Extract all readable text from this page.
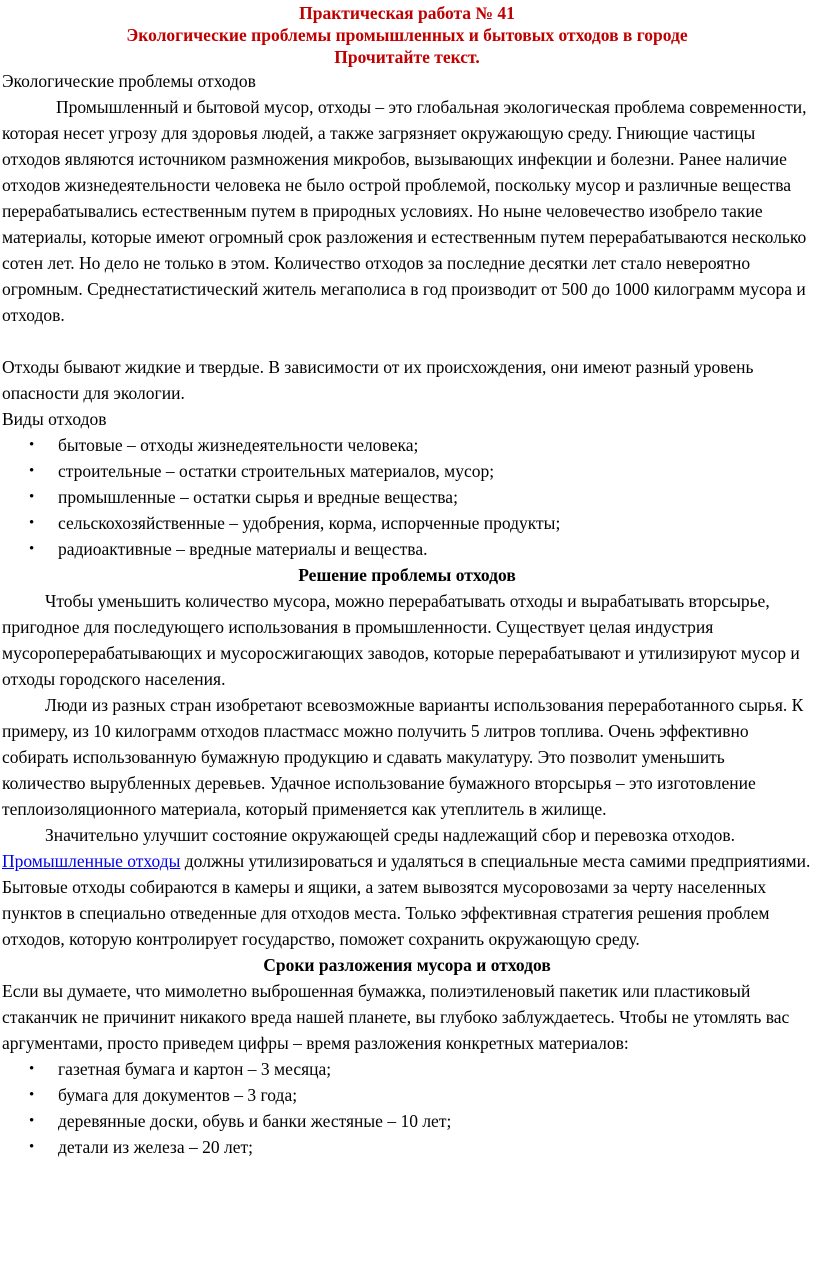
Практическая работа № 41
Экологические проблемы промышленных и бытовых отходов в городе
Прочитайте текст.

Экологические проблемы отходов

Промышленный и бытовой мусор, отходы – это глобальная экологическая проблема современности, которая несет угрозу для здоровья людей, а также загрязняет окружающую среду. Гниющие частицы отходов являются источником размножения микробов, вызывающих инфекции и болезни. Ранее наличие отходов жизнедеятельности человека не было острой проблемой, поскольку мусор и различные вещества перерабатывались естественным путем в природных условиях. Но ныне человечество изобрело такие материалы, которые имеют огромный срок разложения и естественным путем перерабатываются несколько сотен лет. Но дело не только в этом. Количество отходов за последние десятки лет стало невероятно огромным. Среднестатистический житель мегаполиса в год производит от 500 до 1000 килограмм мусора и отходов.

Отходы бывают жидкие и твердые. В зависимости от их происхождения, они имеют разный уровень опасности для экологии.

Виды отходов

• бытовые – отходы жизнедеятельности человека;
• строительные – остатки строительных материалов, мусор;
• промышленные – остатки сырья и вредные вещества;
• сельскохозяйственные – удобрения, корма, испорченные продукты;
• радиоактивные – вредные материалы и вещества.

Решение проблемы отходов

Чтобы уменьшить количество мусора, можно перерабатывать отходы и вырабатывать вторсырье, пригодное для последующего использования в промышленности. Существует целая индустрия мусороперерабатывающих и мусоросжигающих заводов, которые перерабатывают и утилизируют мусор и отходы городского населения.

Люди из разных стран изобретают всевозможные варианты использования переработанного сырья. К примеру, из 10 килограмм отходов пластмасс можно получить 5 литров топлива. Очень эффективно собирать использованную бумажную продукцию и сдавать макулатуру. Это позволит уменьшить количество вырубленных деревьев. Удачное использование бумажного вторсырья – это изготовление теплоизоляционного материала, который применяется как утеплитель в жилище.

Значительно улучшит состояние окружающей среды надлежащий сбор и перевозка отходов. Промышленные отходы должны утилизироваться и удаляться в специальные места самими предприятиями. Бытовые отходы собираются в камеры и ящики, а затем вывозятся мусоровозами за черту населенных пунктов в специально отведенные для отходов места. Только эффективная стратегия решения проблем отходов, которую контролирует государство, поможет сохранить окружающую среду.

Сроки разложения мусора и отходов

Если вы думаете, что мимолетно выброшенная бумажка, полиэтиленовый пакетик или пластиковый стаканчик не причинит никакого вреда нашей планете, вы глубоко заблуждаетесь. Чтобы не утомлять вас аргументами, просто приведем цифры – время разложения конкретных материалов:

• газетная бумага и картон – 3 месяца;
• бумага для документов – 3 года;
• деревянные доски, обувь и банки жестяные – 10 лет;
• детали из железа – 20 лет;
